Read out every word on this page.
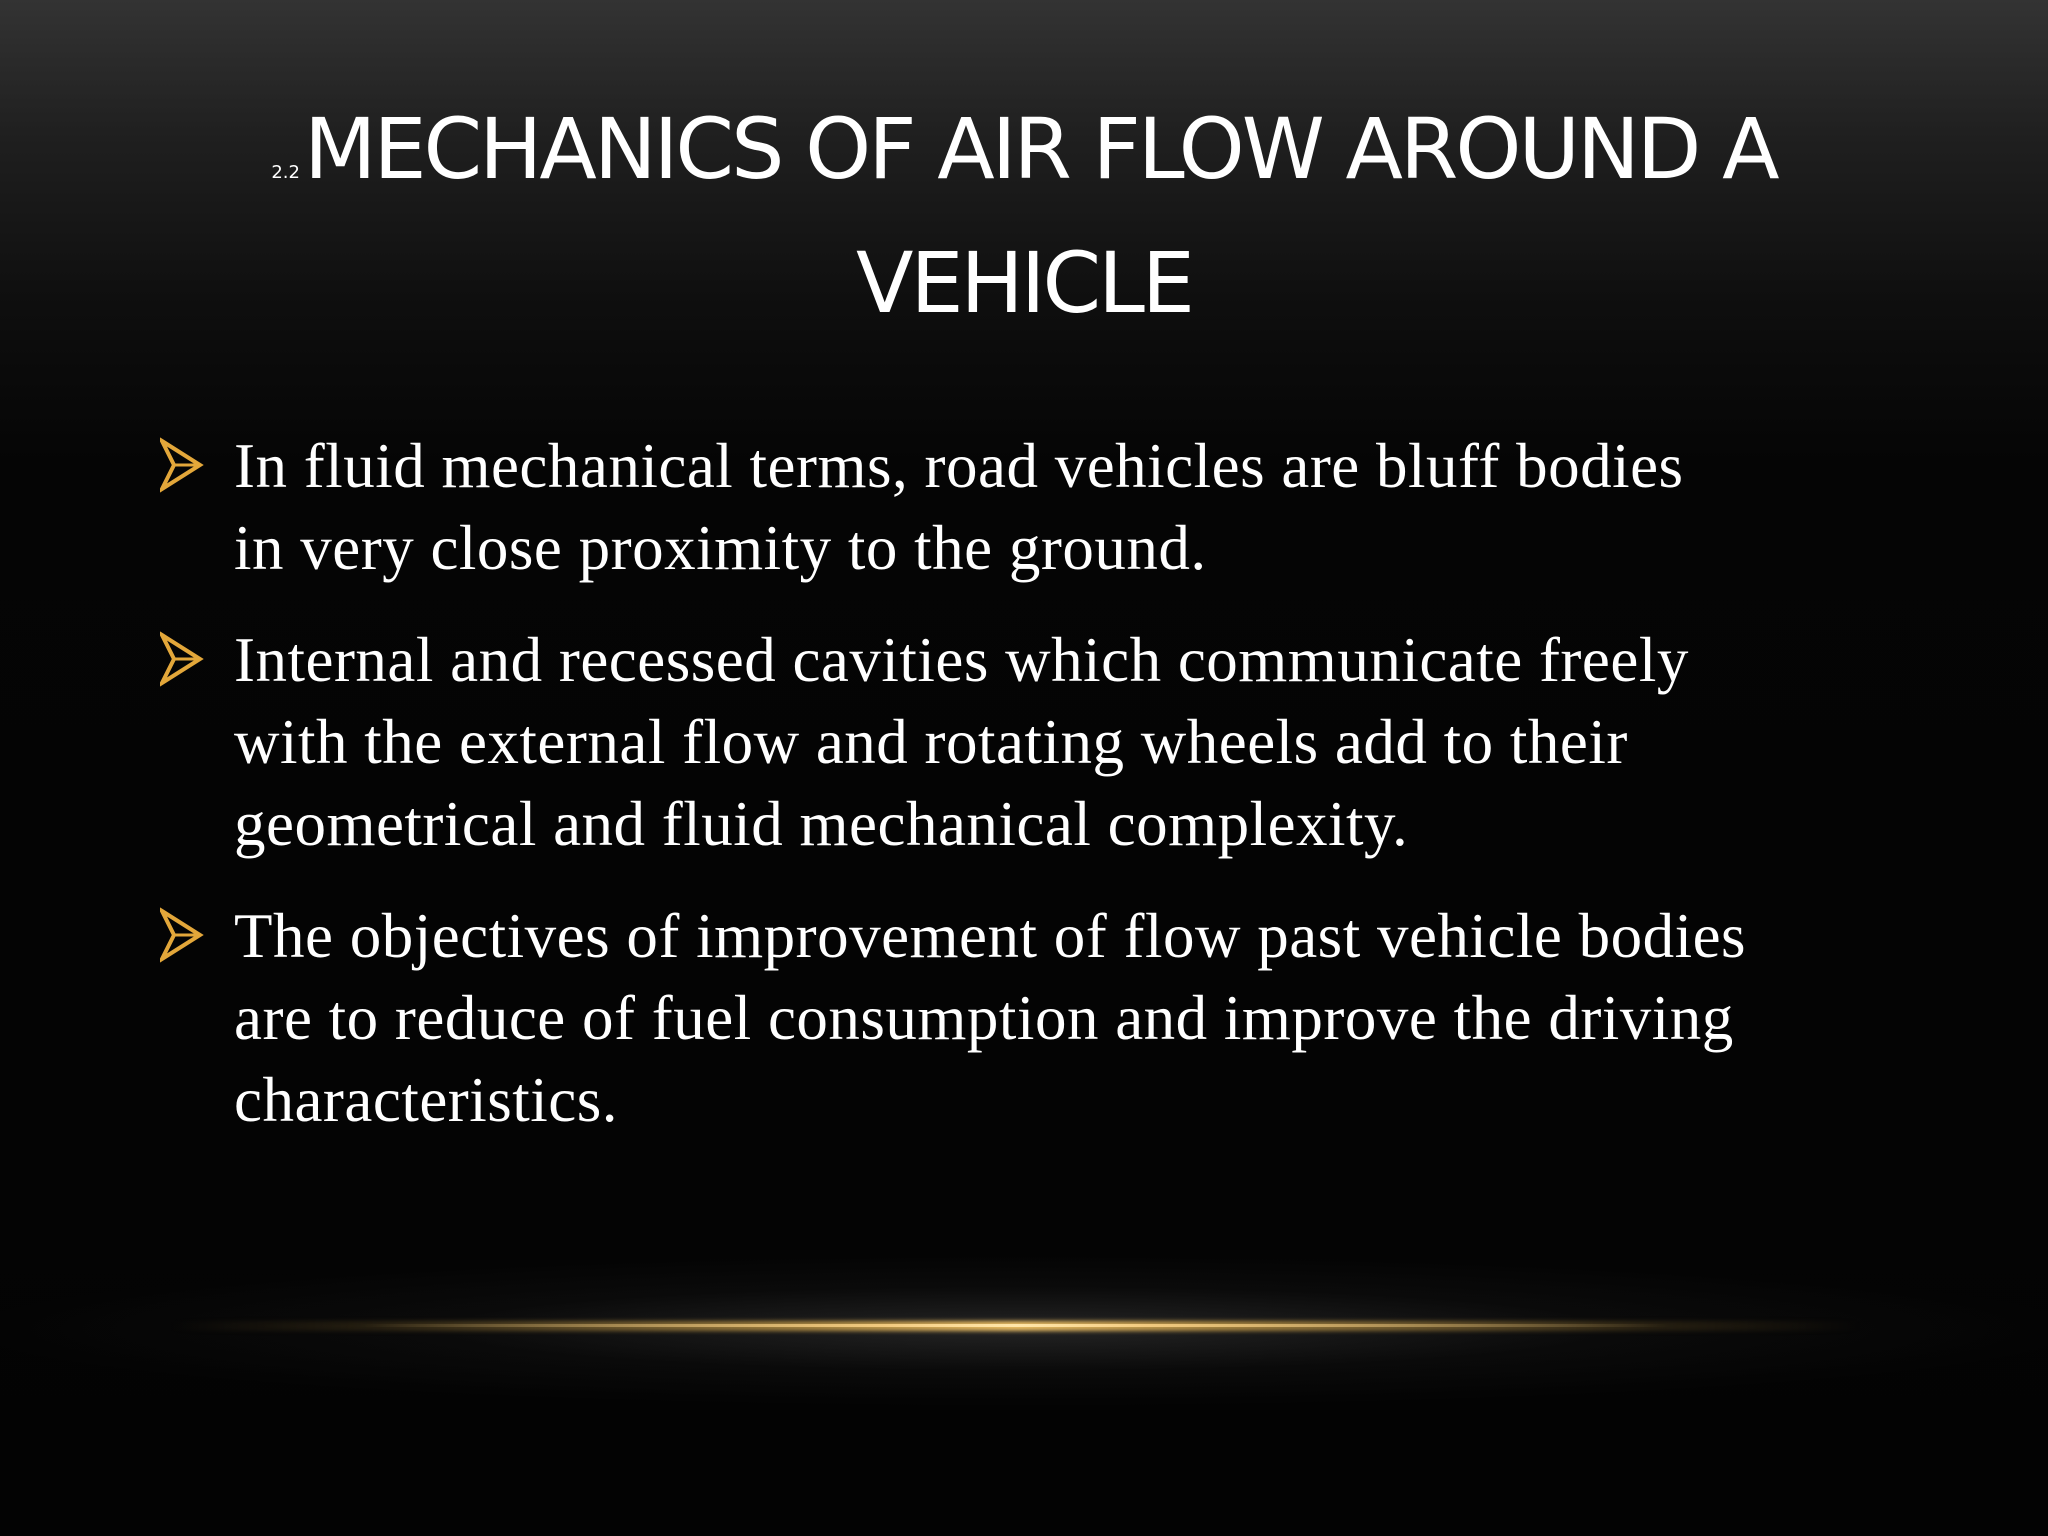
2.2MECHANICS OF AIR FLOW AROUND A
VEHICLE
In fluid mechanical terms, road vehicles are bluff bodies
in very close proximity to the ground.
Internal and recessed cavities which communicate freely
with the external flow and rotating wheels add to their
geometrical and fluid mechanical complexity.
The objectives of improvement of flow past vehicle bodies
are to reduce of fuel consumption and improve the driving
characteristics.
